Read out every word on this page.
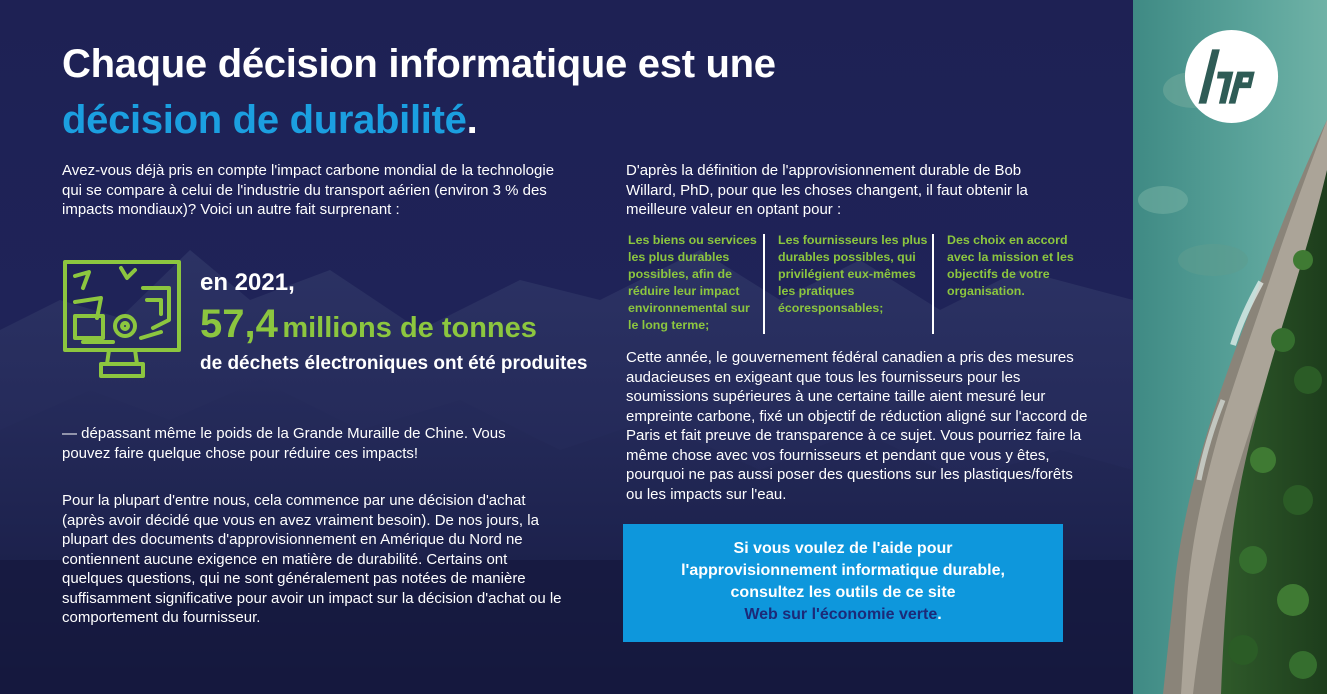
Chaque décision informatique est une
décision de durabilité.

Avez-vous déjà pris en compte l'impact carbone mondial de la technologie qui se compare à celui de l'industrie du transport aérien (environ 3 % des impacts mondiaux)? Voici un autre fait surprenant :

en 2021,
57,4 millions de tonnes
de déchets électroniques ont été produites

— dépassant même le poids de la Grande Muraille de Chine. Vous pouvez faire quelque chose pour réduire ces impacts!

Pour la plupart d'entre nous, cela commence par une décision d'achat (après avoir décidé que vous en avez vraiment besoin). De nos jours, la plupart des documents d'approvisionnement en Amérique du Nord ne contiennent aucune exigence en matière de durabilité. Certains ont quelques questions, qui ne sont généralement pas notées de manière suffisamment significative pour avoir un impact sur la décision d'achat ou le comportement du fournisseur.

D'après la définition de l'approvisionnement durable de Bob Willard, PhD, pour que les choses changent, il faut obtenir la meilleure valeur en optant pour :

Les biens ou services les plus durables possibles, afin de réduire leur impact environnemental sur le long terme;
Les fournisseurs les plus durables possibles, qui privilégient eux-mêmes les pratiques écoresponsables;
Des choix en accord avec la mission et les objectifs de votre organisation.

Cette année, le gouvernement fédéral canadien a pris des mesures audacieuses en exigeant que tous les fournisseurs pour les soumissions supérieures à une certaine taille aient mesuré leur empreinte carbone, fixé un objectif de réduction aligné sur l'accord de Paris et fait preuve de transparence à ce sujet. Vous pourriez faire la même chose avec vos fournisseurs et pendant que vous y êtes, pourquoi ne pas aussi poser des questions sur les plastiques/forêts ou les impacts sur l'eau.

Si vous voulez de l'aide pour
l'approvisionnement informatique durable,
consultez les outils de ce site
Web sur l'économie verte.
